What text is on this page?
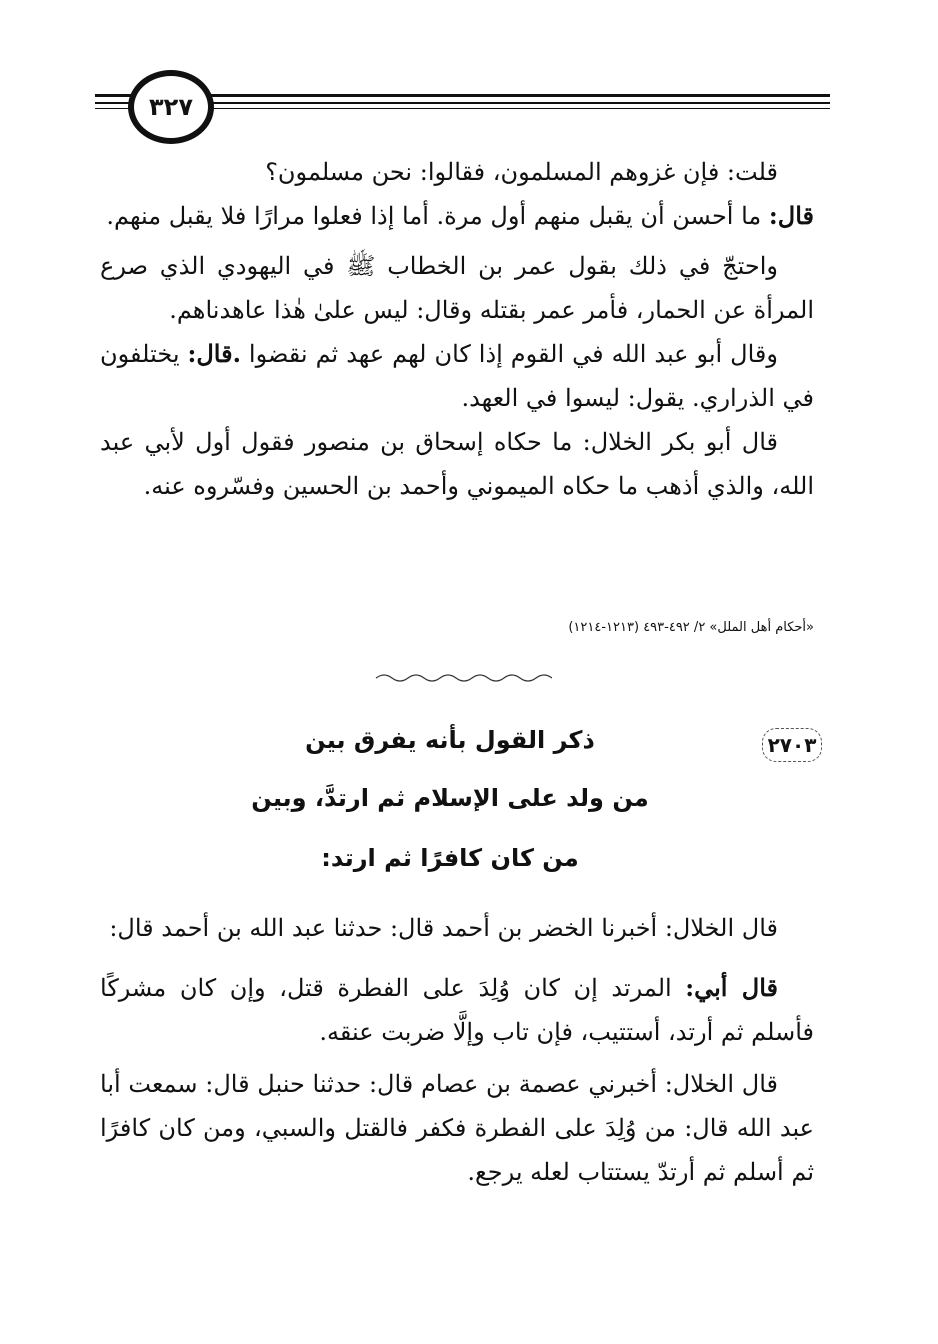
٣٢٧

قلت: فإن غزوهم المسلمون، فقالوا: نحن مسلمون؟

قال: ما أحسن أن يقبل منهم أول مرة. أما إذا فعلوا مرارًا فلا يقبل منهم.

واحتجّ في ذلك بقول عمر بن الخطاب ﷺ في اليهودي الذي صرع المرأة عن الحمار، فأمر عمر بقتله وقال: ليس علىٰ هٰذا عاهدناهم.

وقال أبو عبد الله في القوم إذا كان لهم عهد ثم نقضوا .قال: يختلفون في الذراري. يقول: ليسوا في العهد.

قال أبو بكر الخلال: ما حكاه إسحاق بن منصور فقول أول لأبي عبد الله، والذي أذهب ما حكاه الميموني وأحمد بن الحسين وفسّروه عنه.

«أحكام أهل الملل» ٢/ ٤٩٢-٤٩٣ (١٢١٣-١٢١٤)
٢٧٠٣
ذكر القول بأنه يفرق بين
من ولد على الإسلام ثم ارتدَّ، وبين
من كان كافرًا ثم ارتد:

قال الخلال: أخبرنا الخضر بن أحمد قال: حدثنا عبد الله بن أحمد قال:

قال أبي: المرتد إن كان وُلِدَ على الفطرة قتل، وإن كان مشركًا فأسلم ثم أرتد، أستتيب، فإن تاب وإلَّا ضربت عنقه.

قال الخلال: أخبرني عصمة بن عصام قال: حدثنا حنبل قال: سمعت أبا عبد الله قال: من وُلِدَ على الفطرة فكفر فالقتل والسبي، ومن كان كافرًا ثم أسلم ثم أرتدّ يستتاب لعله يرجع.
